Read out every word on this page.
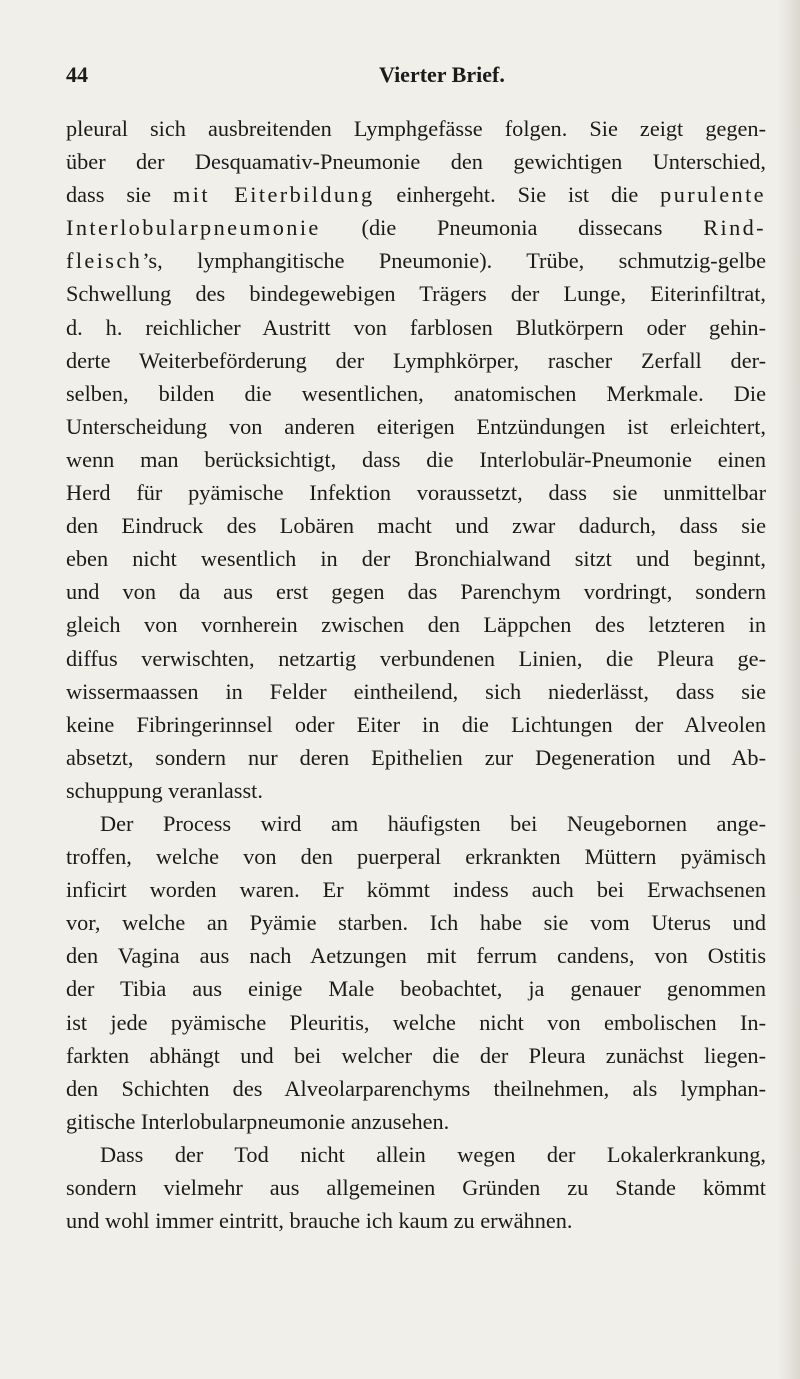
44	Vierter Brief.
pleural sich ausbreitenden Lymphgefässe folgen. Sie zeigt gegen-
über der Desquamativ-Pneumonie den gewichtigen Unterschied,
dass sie mit Eiterbildung einhergeht. Sie ist die purulente
Interlobularpneumonie (die Pneumonia dissecans Rind-
fleisch’s, lymphangitische Pneumonie). Trübe, schmutzig-gelbe
Schwellung des bindegewebigen Trägers der Lunge, Eiterinfiltrat,
d. h. reichlicher Austritt von farblosen Blutkörpern oder gehin-
derte Weiterbeförderung der Lymphkörper, rascher Zerfall der-
selben, bilden die wesentlichen, anatomischen Merkmale. Die
Unterscheidung von anderen eiterigen Entzündungen ist erleichtert,
wenn man berücksichtigt, dass die Interlobulär-Pneumonie einen
Herd für pyämische Infektion voraussetzt, dass sie unmittelbar
den Eindruck des Lobären macht und zwar dadurch, dass sie
eben nicht wesentlich in der Bronchialwand sitzt und beginnt,
und von da aus erst gegen das Parenchym vordringt, sondern
gleich von vornherein zwischen den Läppchen des letzteren in
diffus verwischten, netzartig verbundenen Linien, die Pleura ge-
wissermaassen in Felder eintheilend, sich niederlässt, dass sie
keine Fibringerinnsel oder Eiter in die Lichtungen der Alveolen
absetzt, sondern nur deren Epithelien zur Degeneration und Ab-
schuppung veranlasst.
Der Process wird am häufigsten bei Neugebornen ange-
troffen, welche von den puerperal erkrankten Müttern pyämisch
inficirt worden waren. Er kömmt indess auch bei Erwachsenen
vor, welche an Pyämie starben. Ich habe sie vom Uterus und
den Vagina aus nach Aetzungen mit ferrum candens, von Ostitis
der Tibia aus einige Male beobachtet, ja genauer genommen
ist jede pyämische Pleuritis, welche nicht von embolischen In-
farkten abhängt und bei welcher die der Pleura zunächst liegen-
den Schichten des Alveolarparenchyms theilnehmen, als lymphan-
gitische Interlobularpneumonie anzusehen.
Dass der Tod nicht allein wegen der Lokalerkrankung,
sondern vielmehr aus allgemeinen Gründen zu Stande kömmt
und wohl immer eintritt, brauche ich kaum zu erwähnen.
